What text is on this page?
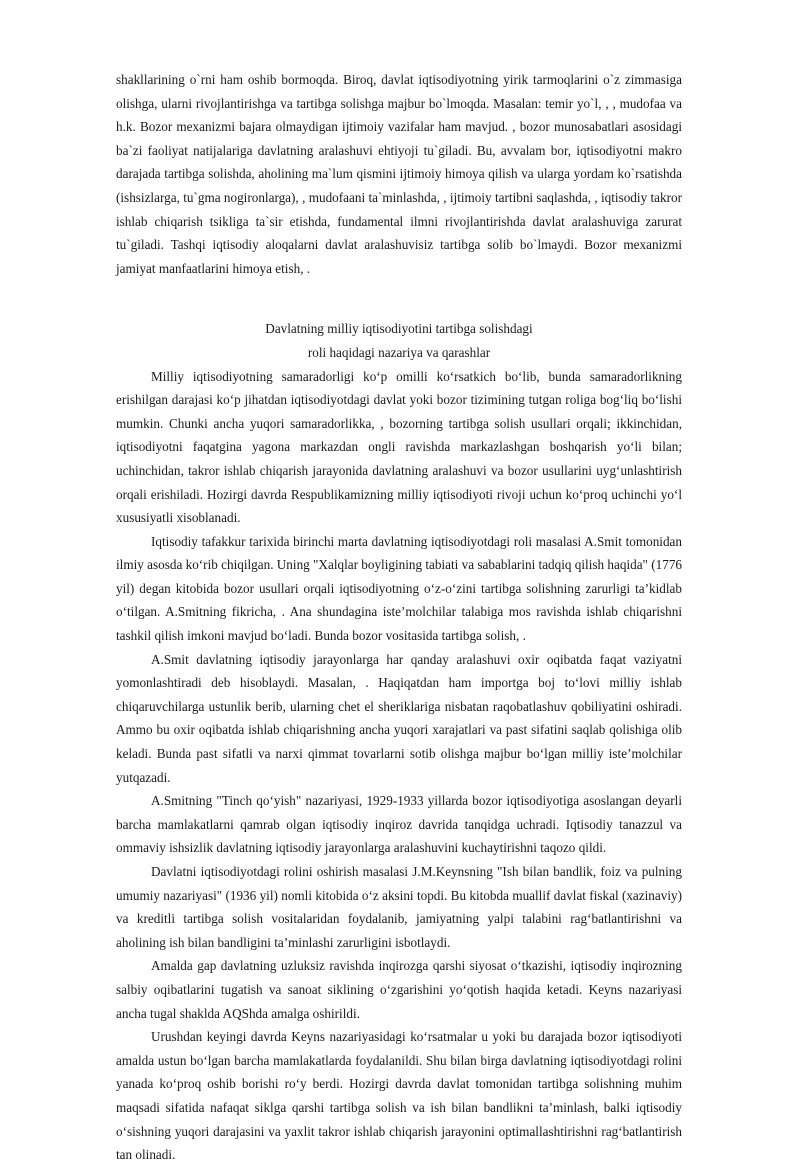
shakllarining o`rni ham oshib bormoqda. Biroq, davlat iqtisodiyotning yirik tarmoqlarini o`z zimmasiga olishga, ularni rivojlantirishga va tartibga solishga majbur bo`lmoqda. Masalan: temir yo`l, , , mudofaa va h.k. Bozor mexanizmi bajara olmaydigan ijtimoiy vazifalar ham mavjud. , bozor munosabatlari asosidagi ba`zi faoliyat natijalariga davlatning aralashuvi ehtiyoji tu`giladi. Bu, avvalam bor, iqtisodiyotni makro darajada tartibga solishda, aholining ma`lum qismini ijtimoiy himoya qilish va ularga yordam ko`rsatishda (ishsizlarga, tu`gma nogironlarga), , mudofaani ta`minlashda, , ijtimoiy tartibni saqlashda, , iqtisodiy takror ishlab chiqarish tsikliga ta`sir etishda, fundamental ilmni rivojlantirishda davlat aralashuviga zarurat tu`giladi. Tashqi iqtisodiy aloqalarni davlat aralashuvisiz tartibga solib bo`lmaydi. Bozor mexanizmi jamiyat manfaatlarini himoya etish, .

Davlatning milliy iqtisodiyotini tartibga solishdagi
roli haqidagi nazariya va qarashlar

Milliy iqtisodiyotning samaradorligi ko‘p omilli ko‘rsatkich bo‘lib, bunda samaradorlikning erishilgan darajasi ko‘p jihatdan iqtisodiyotdagi davlat yoki bozor tizimining tutgan roliga bog‘liq bo‘lishi mumkin. Chunki ancha yuqori samaradorlikka, , bozorning tartibga solish usullari orqali; ikkinchidan, iqtisodiyotni faqatgina yagona markazdan ongli ravishda markazlashgan boshqarish yo‘li bilan; uchinchidan, takror ishlab chiqarish jarayonida davlatning aralashuvi va bozor usullarini uyg‘unlashtirish orqali erishiladi. Hozirgi davrda Respublikamizning milliy iqtisodiyoti rivoji uchun ko‘proq uchinchi yo‘l xususiyatli xisoblanadi.

Iqtisodiy tafakkur tarixida birinchi marta davlatning iqtisodiyotdagi roli masalasi A.Smit tomonidan ilmiy asosda ko‘rib chiqilgan. Uning "Xalqlar boyligining tabiati va sabablarini tadqiq qilish haqida" (1776 yil) degan kitobida bozor usullari orqali iqtisodiyotning o‘z-o‘zini tartibga solishning zarurligi ta’kidlab o‘tilgan. A.Smitning fikricha, . Ana shundagina iste’molchilar talabiga mos ravishda ishlab chiqarishni tashkil qilish imkoni mavjud bo‘ladi. Bunda bozor vositasida tartibga solish, .

A.Smit davlatning iqtisodiy jarayonlarga har qanday aralashuvi oxir oqibatda faqat vaziyatni yomonlashtiradi deb hisoblaydi. Masalan, . Haqiqatdan ham importga boj to‘lovi milliy ishlab chiqaruvchilarga ustunlik berib, ularning chet el sheriklariga nisbatan raqobatlashuv qobiliyatini oshiradi. Ammo bu oxir oqibatda ishlab chiqarishning ancha yuqori xarajatlari va past sifatini saqlab qolishiga olib keladi. Bunda past sifatli va narxi qimmat tovarlarni sotib olishga majbur bo‘lgan milliy iste’molchilar yutqazadi.

A.Smitning "Tinch qo‘yish" nazariyasi, 1929-1933 yillarda bozor iqtisodiyotiga asoslangan deyarli barcha mamlakatlarni qamrab olgan iqtisodiy inqiroz davrida tanqidga uchradi. Iqtisodiy tanazzul va ommaviy ishsizlik davlatning iqtisodiy jarayonlarga aralashuvini kuchaytirishni taqozo qildi.

Davlatni iqtisodiyotdagi rolini oshirish masalasi J.M.Keynsning "Ish bilan bandlik, foiz va pulning umumiy nazariyasi" (1936 yil) nomli kitobida o‘z aksini topdi. Bu kitobda muallif davlat fiskal (xazinaviy) va kreditli tartibga solish vositalaridan foydalanib, jamiyatning yalpi talabini rag‘batlantirishni va aholining ish bilan bandligini ta’minlashi zarurligini isbotlaydi.

Amalda gap davlatning uzluksiz ravishda inqirozga qarshi siyosat o‘tkazishi, iqtisodiy inqirozning salbiy oqibatlarini tugatish va sanoat siklining o‘zgarishini yo‘qotish haqida ketadi. Keyns nazariyasi ancha tugal shaklda AQShda amalga oshirildi.

Urushdan keyingi davrda Keyns nazariyasidagi ko‘rsatmalar u yoki bu darajada bozor iqtisodiyoti amalda ustun bo‘lgan barcha mamlakatlarda foydalanildi. Shu bilan birga davlatning iqtisodiyotdagi rolini yanada ko‘proq oshib borishi ro‘y berdi. Hozirgi davrda davlat tomonidan tartibga solishning muhim maqsadi sifatida nafaqat siklga qarshi tartibga solish va ish bilan bandlikni ta’minlash, balki iqtisodiy o‘sishning yuqori darajasini va yaxlit takror ishlab chiqarish jarayonini optimallashtirishni rag‘batlantirish tan olinadi.
